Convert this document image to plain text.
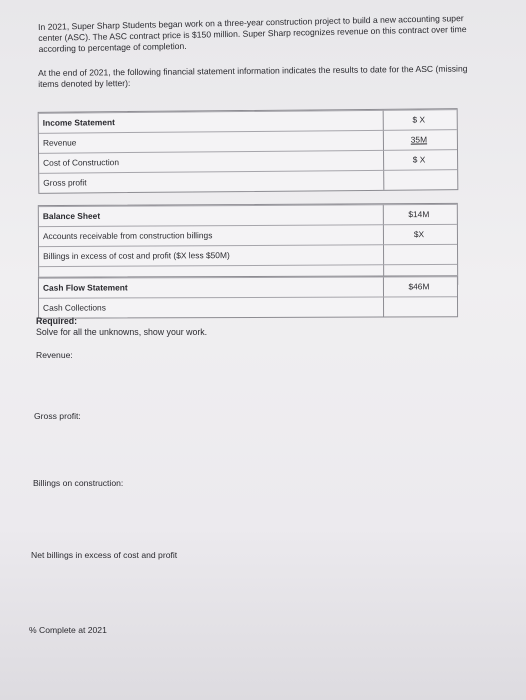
In 2021, Super Sharp Students began work on a three-year construction project to build a new accounting super center (ASC). The ASC contract price is $150 million. Super Sharp recognizes revenue on this contract over time according to percentage of completion.

At the end of 2021, the following financial statement information indicates the results to date for the ASC (missing items denoted by letter):

Income Statement	$ X
Revenue	35M
Cost of Construction	$ X
Gross profit
Balance Sheet	$14M
Accounts receivable from construction billings	$X
Billings in excess of cost and profit ($X less $50M)
Cash Flow Statement	$46M
Cash Collections
Required:
Solve for all the unknowns, show your work.
Revenue:
Gross profit:
Billings on construction:
Net billings in excess of cost and profit
% Complete at 2021
